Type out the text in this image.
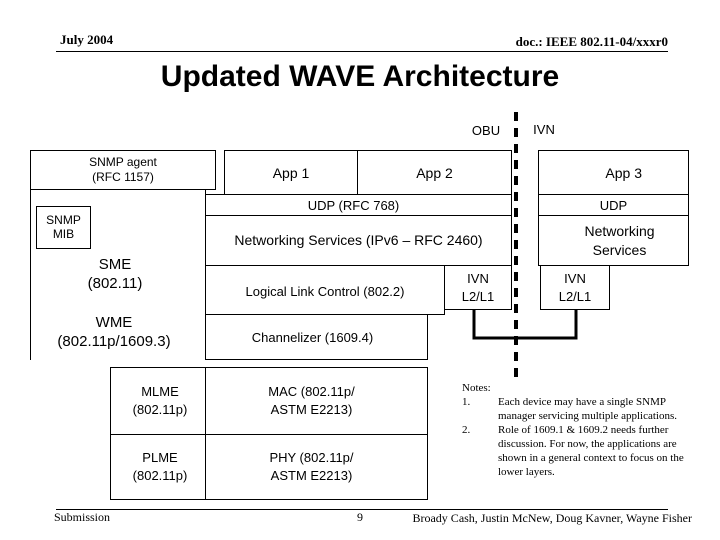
July 2004	doc.: IEEE 802.11-04/xxxr0
Updated WAVE Architecture
OBU	IVN
SNMP agent
(RFC 1157)
SNMP
MIB
SME
(802.11)
WME
(802.11p/1609.3)
App 1	App 2	App 3
UDP (RFC 768)	UDP
Networking Services (IPv6 – RFC 2460)
Networking
Services
Logical Link Control (802.2)
IVN
L2/L1
IVN
L2/L1
Channelizer (1609.4)
MLME
(802.11p)
MAC (802.11p/
ASTM E2213)
PLME
(802.11p)
PHY (802.11p/
ASTM E2213)
Notes:
1.	Each device may have a single SNMP manager servicing multiple applications.
2.	Role of 1609.1 & 1609.2 needs further discussion. For now, the applications are shown in a general context to focus on the lower layers.
Submission	9	Broady Cash, Justin McNew, Doug Kavner, Wayne Fisher
